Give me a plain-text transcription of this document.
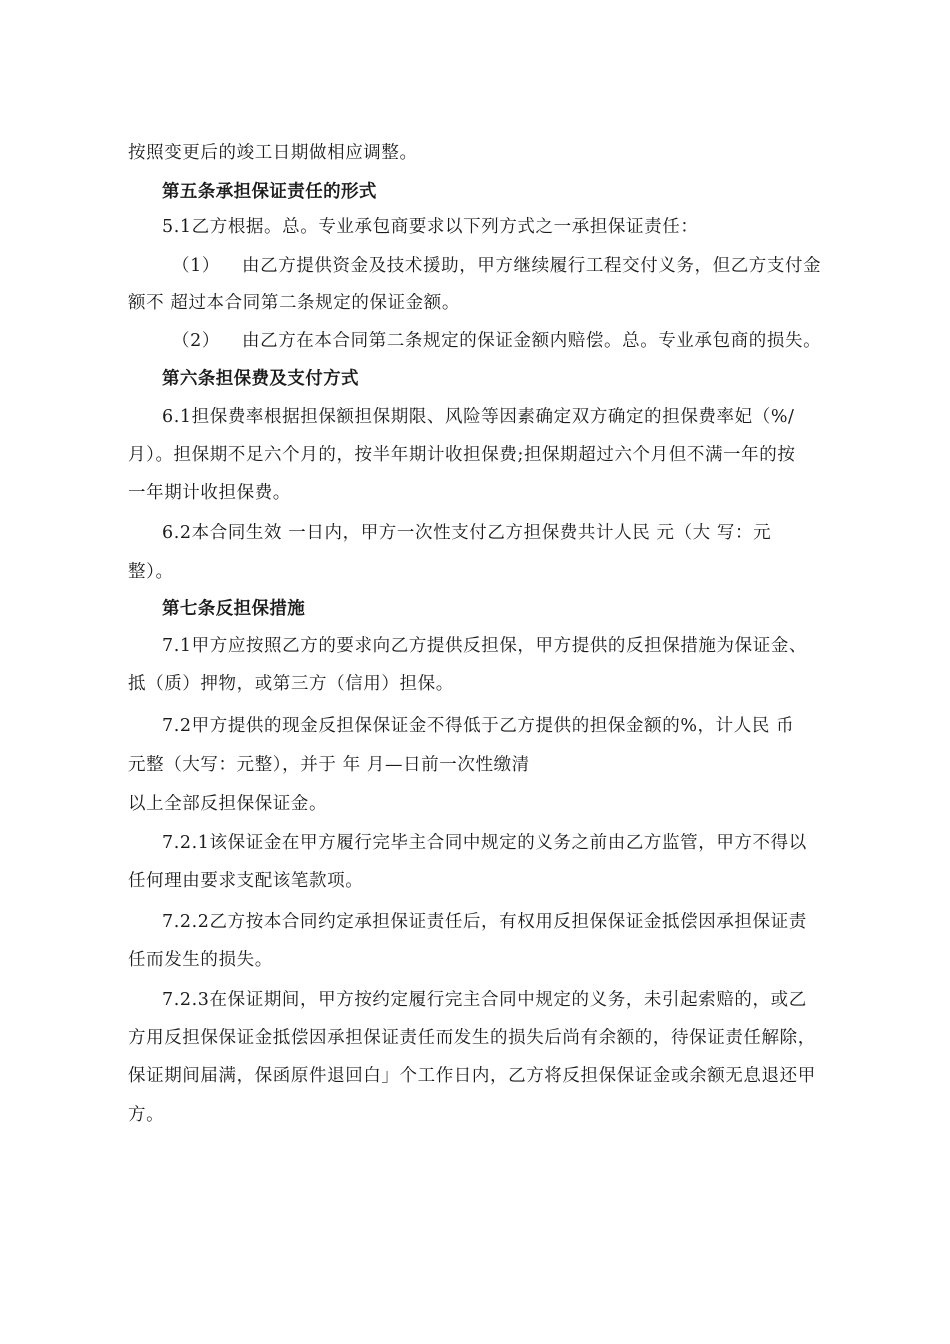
按照变更后的竣工日期做相应调整。
第五条承担保证责任的形式
5.1乙方根据。总。专业承包商要求以下列方式之一承担保证责任：
（1） 由乙方提供资金及技术援助，甲方继续履行工程交付义务，但乙方支付金
额不 超过本合同第二条规定的保证金额。
（2） 由乙方在本合同第二条规定的保证金额内赔偿。总。专业承包商的损失。
第六条担保费及支付方式
6.1担保费率根据担保额担保期限、风险等因素确定双方确定的担保费率妃（%/
月）。担保期不足六个月的，按半年期计收担保费;担保期超过六个月但不满一年的按
一年期计收担保费。
6.2本合同生效 一日内，甲方一次性支付乙方担保费共计人民 元（大 写：元
整）。
第七条反担保措施
7.1甲方应按照乙方的要求向乙方提供反担保，甲方提供的反担保措施为保证金、
抵（质）押物，或第三方（信用）担保。
7.2甲方提供的现金反担保保证金不得低于乙方提供的担保金额的%，计人民 币
元整（大写：元整），并于 年 月—日前一次性缴清
以上全部反担保保证金。
7.2.1该保证金在甲方履行完毕主合同中规定的义务之前由乙方监管，甲方不得以
任何理由要求支配该笔款项。
7.2.2乙方按本合同约定承担保证责任后，有权用反担保保证金抵偿因承担保证责
任而发生的损失。
7.2.3在保证期间，甲方按约定履行完主合同中规定的义务，未引起索赔的，或乙
方用反担保保证金抵偿因承担保证责任而发生的损失后尚有余额的，待保证责任解除，
保证期间届满，保函原件退回白」个工作日内，乙方将反担保保证金或余额无息退还甲
方。
